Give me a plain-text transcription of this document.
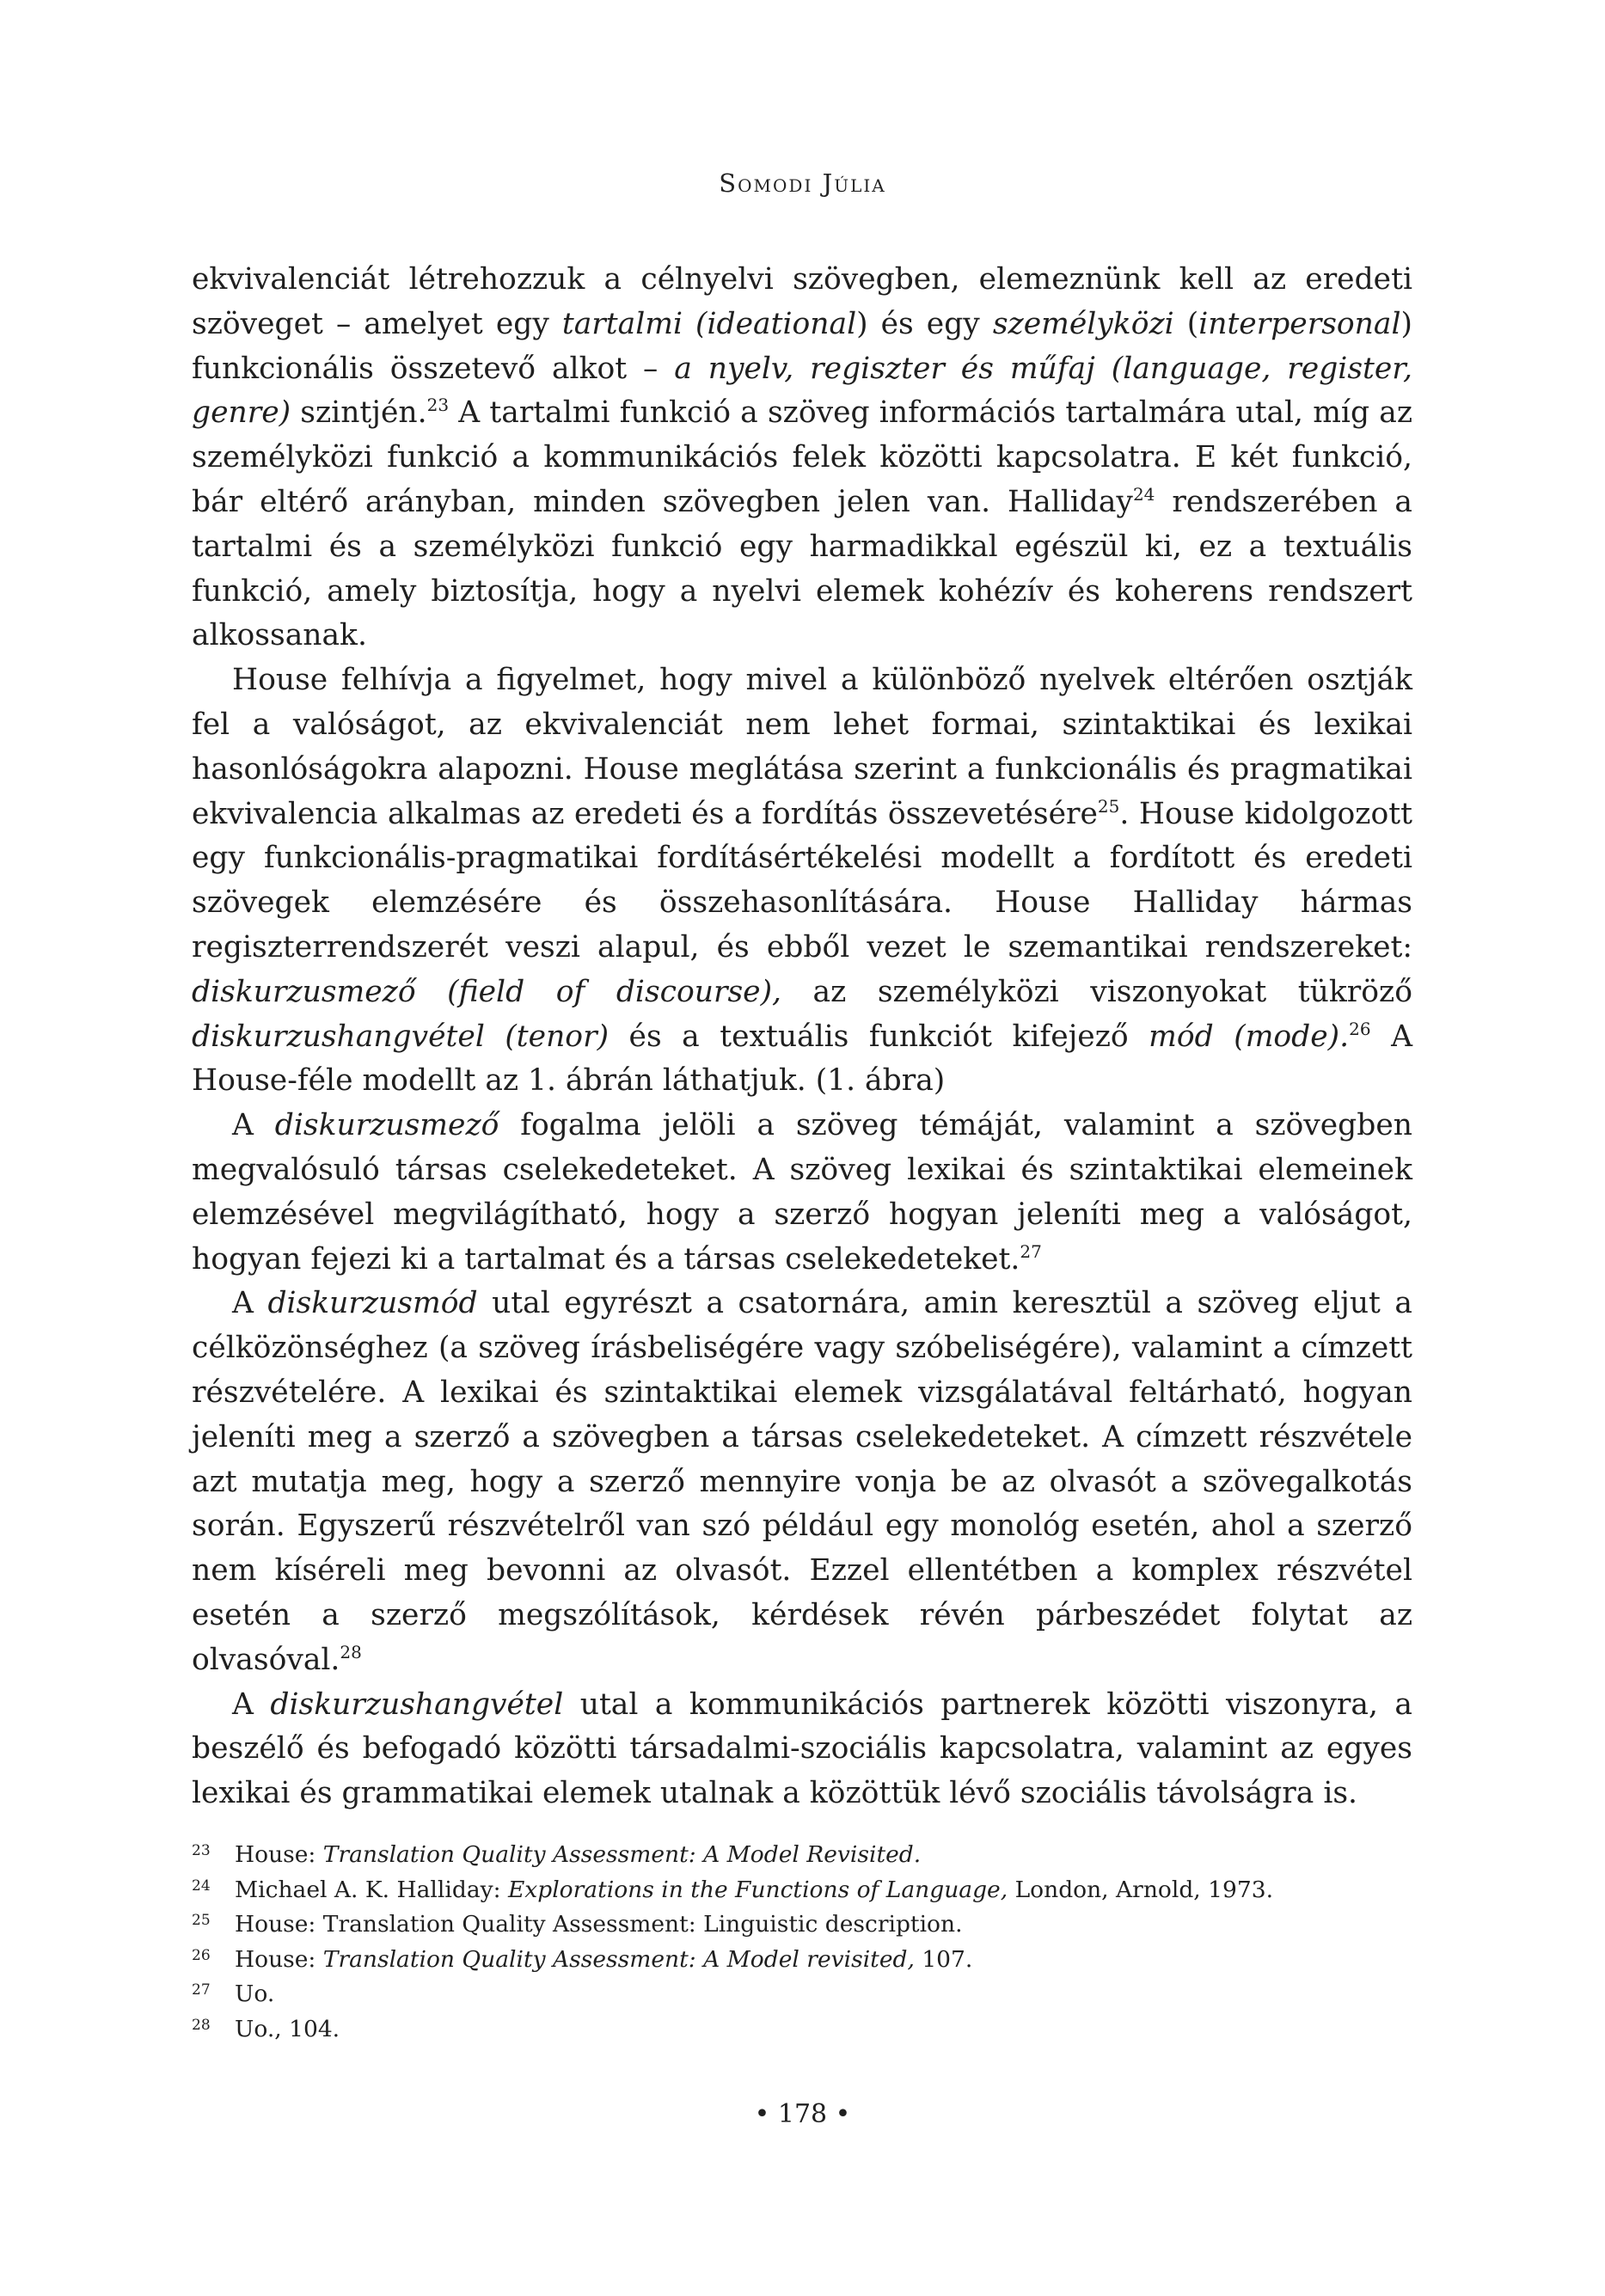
Somodi Júlia

ekvivalenciát létrehozzuk a célnyelvi szövegben, elemeznünk kell az eredeti szöveget – amelyet egy tartalmi (ideational) és egy személyközi (interpersonal) funkcionális összetevő alkot – a nyelv, regiszter és műfaj (language, register, genre) szintjén.$^{23}$ A tartalmi funkció a szöveg információs tartalmára utal, míg az személyközi funkció a kommunikációs felek közötti kapcsolatra. E két funkció, bár eltérő arányban, minden szövegben jelen van. Halliday$^{24}$ rendszerében a tartalmi és a személyközi funkció egy harmadikkal egészül ki, ez a textuális funkció, amely biztosítja, hogy a nyelvi elemek kohézív és koherens rendszert alkossanak.

House felhívja a figyelmet, hogy mivel a különböző nyelvek eltérően osztják fel a valóságot, az ekvivalenciát nem lehet formai, szintaktikai és lexikai hasonlóságokra alapozni. House meglátása szerint a funkcionális és pragmatikai ekvivalencia alkalmas az eredeti és a fordítás összevetésére$^{25}$. House kidolgozott egy funkcionális-pragmatikai fordításértékelési modellt a fordított és eredeti szövegek elemzésére és összehasonlítására. House Halliday hármas regiszterrendszerét veszi alapul, és ebből vezet le szemantikai rendszereket: diskurzusmező (field of discourse), az személyközi viszonyokat tükröző diskurzushangvétel (tenor) és a textuális funkciót kifejező mód (mode).$^{26}$ A House-féle modellt az 1. ábrán láthatjuk. (1. ábra)

A diskurzusmező fogalma jelöli a szöveg témáját, valamint a szövegben megvalósuló társas cselekedeteket. A szöveg lexikai és szintaktikai elemeinek elemzésével megvilágítható, hogy a szerző hogyan jeleníti meg a valóságot, hogyan fejezi ki a tartalmat és a társas cselekedeteket.$^{27}$

A diskurzusmód utal egyrészt a csatornára, amin keresztül a szöveg eljut a célközönséghez (a szöveg írásbeliségére vagy szóbeliségére), valamint a címzett részvételére. A lexikai és szintaktikai elemek vizsgálatával feltárható, hogyan jeleníti meg a szerző a szövegben a társas cselekedeteket. A címzett részvétele azt mutatja meg, hogy a szerző mennyire vonja be az olvasót a szövegalkotás során. Egyszerű részvételről van szó például egy monológ esetén, ahol a szerző nem kíséreli meg bevonni az olvasót. Ezzel ellentétben a komplex részvétel esetén a szerző megszólítások, kérdések révén párbeszédet folytat az olvasóval.$^{28}$

A diskurzushangvétel utal a kommunikációs partnerek közötti viszonyra, a beszélő és befogadó közötti társadalmi-szociális kapcsolatra, valamint az egyes lexikai és grammatikai elemek utalnak a közöttük lévő szociális távolságra is.

23	House: Translation Quality Assessment: A Model Revisited.
24	Michael A. K. Halliday: Explorations in the Functions of Language, London, Arnold, 1973.
25	House: Translation Quality Assessment: Linguistic description.
26	House: Translation Quality Assessment: A Model revisited, 107.
27	Uo.
28	Uo., 104.
• 178 •
